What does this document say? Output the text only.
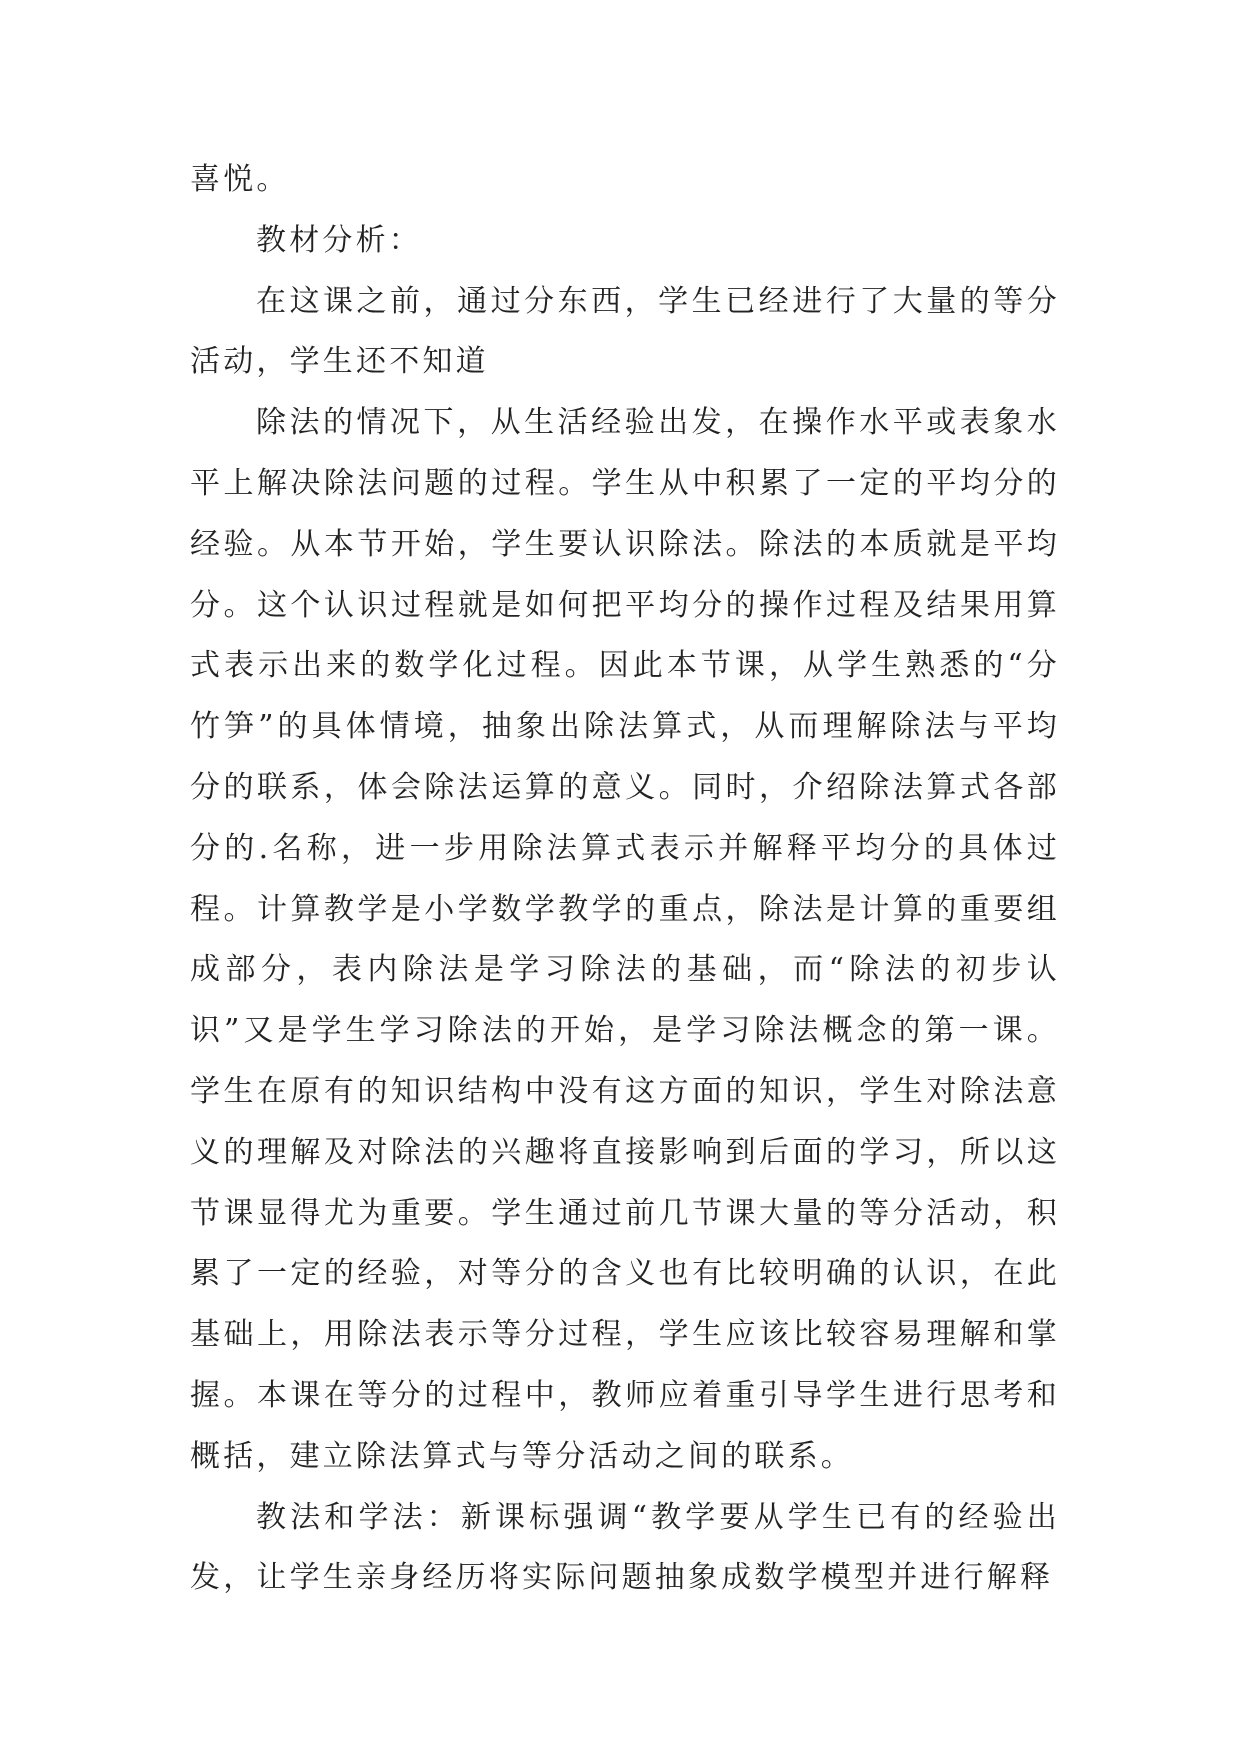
喜悦。

教材分析：

在这课之前，通过分东西，学生已经进行了大量的等分活动，学生还不知道

除法的情况下，从生活经验出发，在操作水平或表象水平上解决除法问题的过程。学生从中积累了一定的平均分的经验。从本节开始，学生要认识除法。除法的本质就是平均分。这个认识过程就是如何把平均分的操作过程及结果用算式表示出来的数学化过程。因此本节课，从学生熟悉的“分竹笋”的具体情境，抽象出除法算式，从而理解除法与平均分的联系，体会除法运算的意义。同时，介绍除法算式各部分的.名称，进一步用除法算式表示并解释平均分的具体过程。计算教学是小学数学教学的重点，除法是计算的重要组成部分，表内除法是学习除法的基础，而“除法的初步认识”又是学生学习除法的开始，是学习除法概念的第一课。学生在原有的知识结构中没有这方面的知识，学生对除法意义的理解及对除法的兴趣将直接影响到后面的学习，所以这节课显得尤为重要。学生通过前几节课大量的等分活动，积累了一定的经验，对等分的含义也有比较明确的认识，在此基础上，用除法表示等分过程，学生应该比较容易理解和掌握。本课在等分的过程中，教师应着重引导学生进行思考和概括，建立除法算式与等分活动之间的联系。

教法和学法：新课标强调“教学要从学生已有的经验出发，让学生亲身经历将实际问题抽象成数学模型并进行解释
